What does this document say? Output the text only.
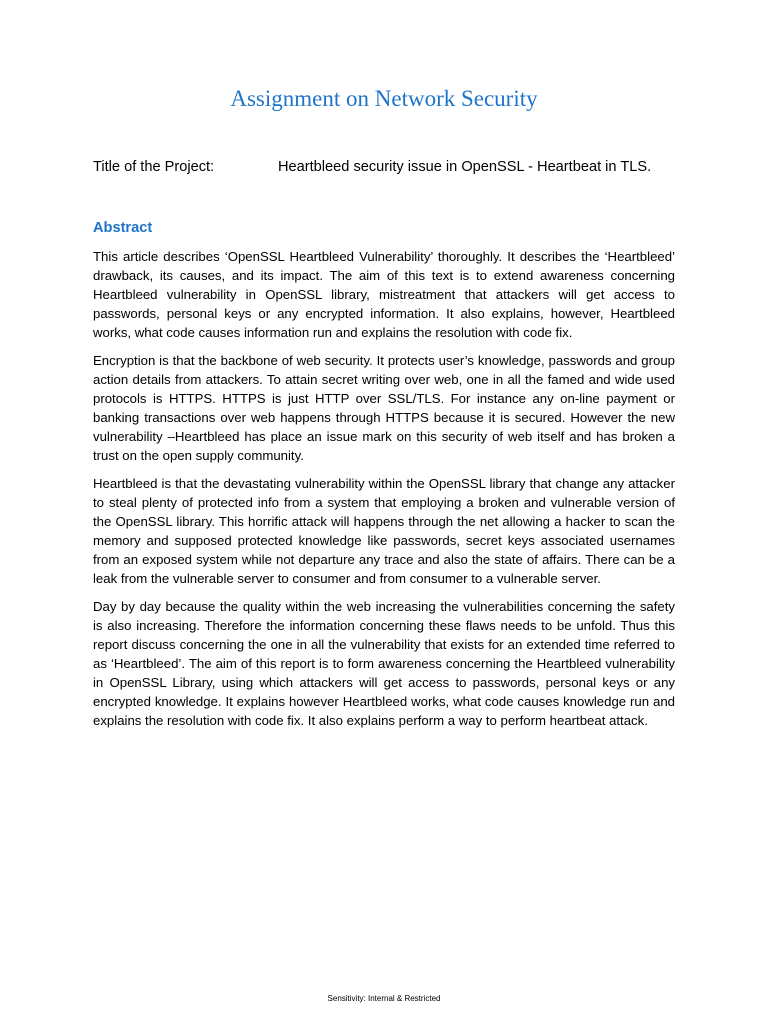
Assignment on Network Security
Title of the Project:	Heartbleed security issue in OpenSSL - Heartbeat in TLS.
Abstract

This article describes ‘OpenSSL Heartbleed Vulnerability’ thoroughly. It describes the ‘Heartbleed’ drawback, its causes, and its impact. The aim of this text is to extend awareness concerning Heartbleed vulnerability in OpenSSL library, mistreatment that attackers will get access to passwords, personal keys or any encrypted information. It also explains, however, Heartbleed works, what code causes information run and explains the resolution with code fix.

Encryption is that the backbone of web security. It protects user’s knowledge, passwords and group action details from attackers. To attain secret writing over web, one in all the famed and wide used protocols is HTTPS. HTTPS is just HTTP over SSL/TLS. For instance any on-line payment or banking transactions over web happens through HTTPS because it is secured. However the new vulnerability –Heartbleed has place an issue mark on this security of web itself and has broken a trust on the open supply community.

Heartbleed is that the devastating vulnerability within the OpenSSL library that change any attacker to steal plenty of protected info from a system that employing a broken and vulnerable version of the OpenSSL library. This horrific attack will happens through the net allowing a hacker to scan the memory and supposed protected knowledge like passwords, secret keys associated usernames from an exposed system while not departure any trace and also the state of affairs. There can be a leak from the vulnerable server to consumer and from consumer to a vulnerable server.

Day by day because the quality within the web increasing the vulnerabilities concerning the safety is also increasing. Therefore the information concerning these flaws needs to be unfold. Thus this report discuss concerning the one in all the vulnerability that exists for an extended time referred to as ‘Heartbleed’. The aim of this report is to form awareness concerning the Heartbleed vulnerability in OpenSSL Library, using which attackers will get access to passwords, personal keys or any encrypted knowledge. It explains however Heartbleed works, what code causes knowledge run and explains the resolution with code fix. It also explains perform a way to perform heartbeat attack.

Sensitivity: Internal & Restricted
